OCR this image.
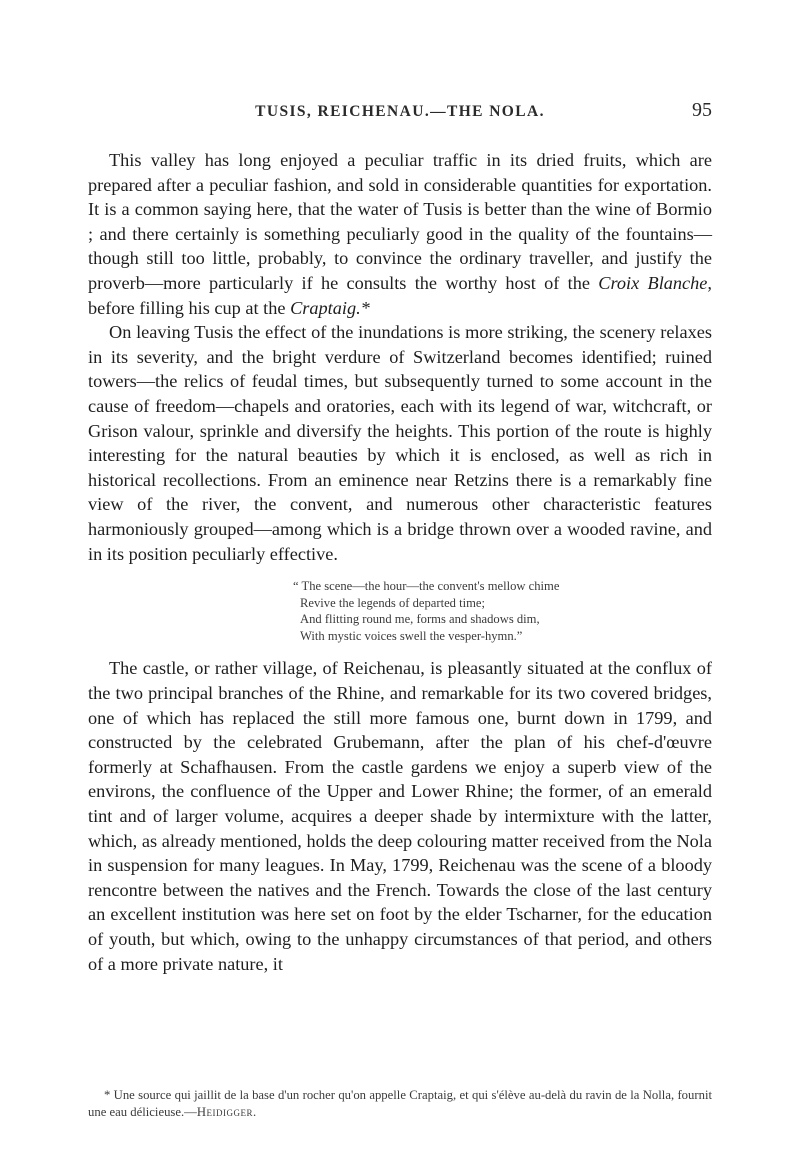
TUSIS, REICHENAU.—THE NOLA.	95

This valley has long enjoyed a peculiar traffic in its dried fruits, which are prepared after a peculiar fashion, and sold in considerable quantities for exportation. It is a common saying here, that the water of Tusis is better than the wine of Bormio ; and there certainly is something peculiarly good in the quality of the fountains—though still too little, probably, to convince the ordinary traveller, and justify the proverb—more particularly if he consults the worthy host of the Croix Blanche, before filling his cup at the Craptaig.*

On leaving Tusis the effect of the inundations is more striking, the scenery relaxes in its severity, and the bright verdure of Switzerland becomes identified; ruined towers—the relics of feudal times, but subsequently turned to some account in the cause of freedom—chapels and oratories, each with its legend of war, witchcraft, or Grison valour, sprinkle and diversify the heights. This portion of the route is highly interesting for the natural beauties by which it is enclosed, as well as rich in historical recollections. From an eminence near Retzins there is a remarkably fine view of the river, the convent, and numerous other characteristic features harmoniously grouped—among which is a bridge thrown over a wooded ravine, and in its position peculiarly effective.

“ The scene—the hour—the convent's mellow chime
Revive the legends of departed time;
And flitting round me, forms and shadows dim,
With mystic voices swell the vesper-hymn.”

The castle, or rather village, of Reichenau, is pleasantly situated at the conflux of the two principal branches of the Rhine, and remarkable for its two covered bridges, one of which has replaced the still more famous one, burnt down in 1799, and constructed by the celebrated Grubemann, after the plan of his chef-d'œuvre formerly at Schafhausen. From the castle gardens we enjoy a superb view of the environs, the confluence of the Upper and Lower Rhine; the former, of an emerald tint and of larger volume, acquires a deeper shade by intermixture with the latter, which, as already mentioned, holds the deep colouring matter received from the Nola in suspension for many leagues. In May, 1799, Reichenau was the scene of a bloody rencontre between the natives and the French. Towards the close of the last century an excellent institution was here set on foot by the elder Tscharner, for the education of youth, but which, owing to the unhappy circumstances of that period, and others of a more private nature, it

* Une source qui jaillit de la base d'un rocher qu'on appelle Craptaig, et qui s'élève au-delà du ravin de la Nolla, fournit une eau délicieuse.—Heidigger.
